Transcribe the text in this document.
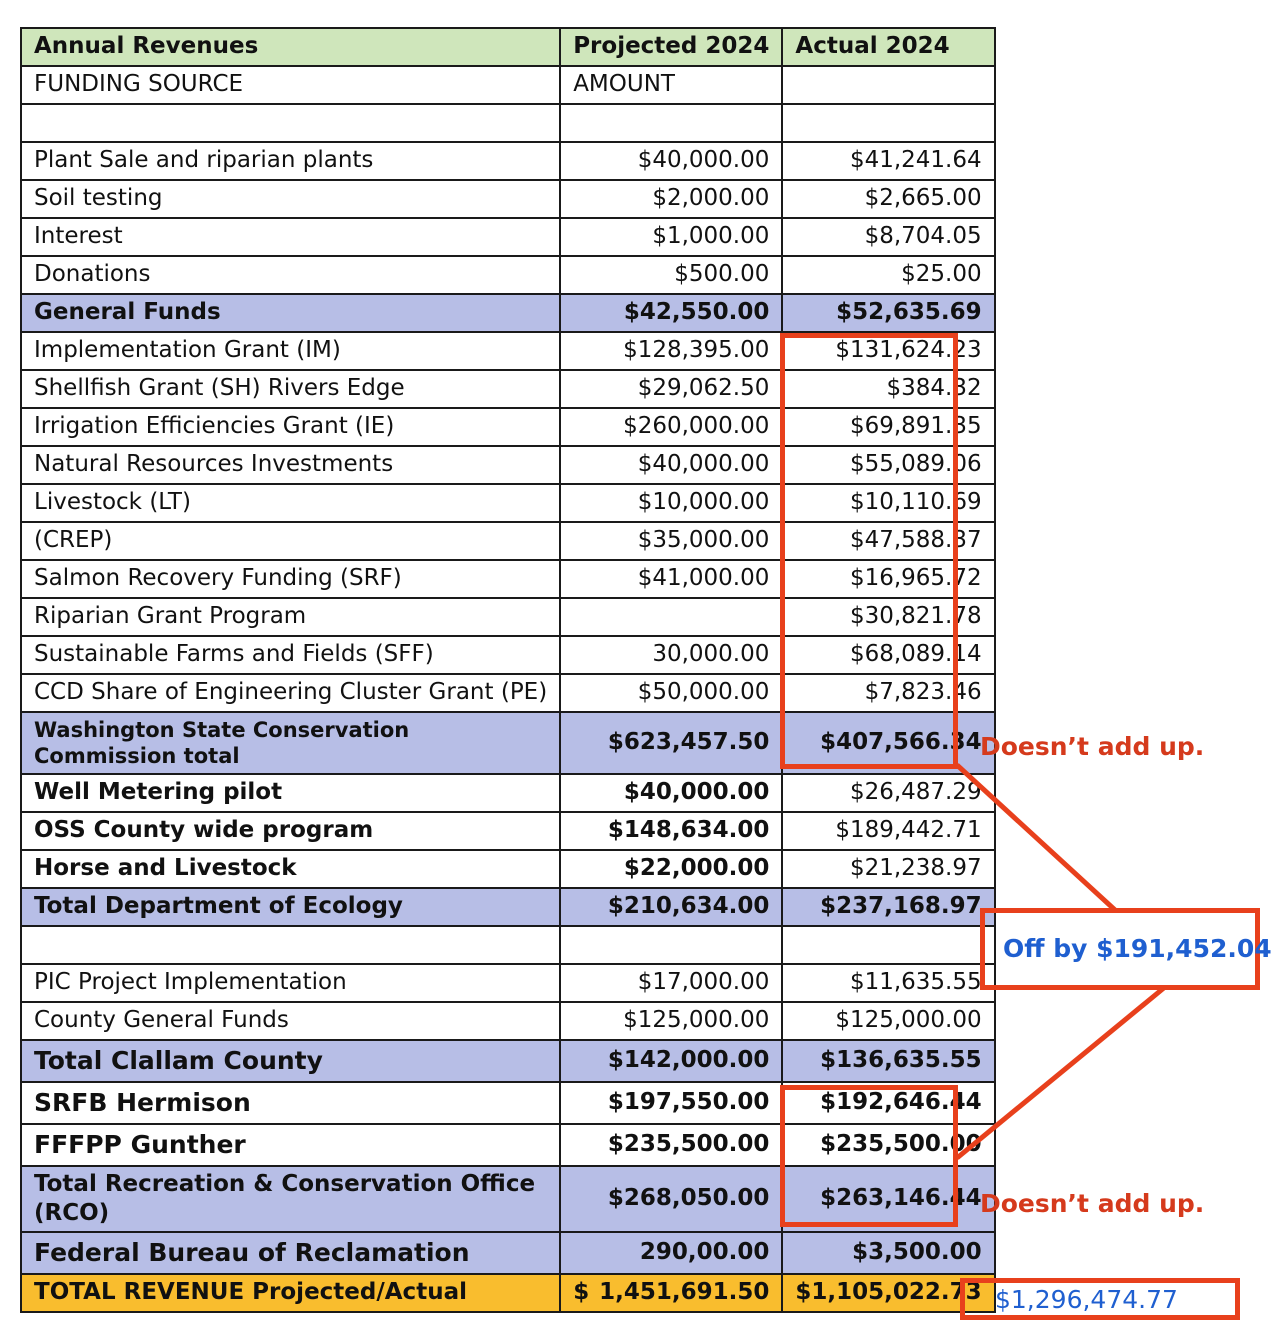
Annual Revenues	Projected 2024	Actual 2024
FUNDING SOURCE	AMOUNT	

Plant Sale and riparian plants	$40,000.00	$41,241.64
Soil testing	$2,000.00	$2,665.00
Interest	$1,000.00	$8,704.05
Donations	$500.00	$25.00
General Funds	$42,550.00	$52,635.69
Implementation Grant (IM)	$128,395.00	$131,624.23
Shellfish Grant (SH) Rivers Edge	$29,062.50	$384.32
Irrigation Efficiencies Grant (IE)	$260,000.00	$69,891.35
Natural Resources Investments	$40,000.00	$55,089.06
Livestock (LT)	$10,000.00	$10,110.69
(CREP)	$35,000.00	$47,588.37
Salmon Recovery Funding (SRF)	$41,000.00	$16,965.72
Riparian Grant Program		$30,821.78
Sustainable Farms and Fields (SFF)	30,000.00	$68,089.14
CCD Share of Engineering Cluster Grant (PE)	$50,000.00	$7,823.46
Washington State Conservation Commission total	$623,457.50	$407,566.34
Well Metering pilot	$40,000.00	$26,487.29
OSS County wide program	$148,634.00	$189,442.71
Horse and Livestock	$22,000.00	$21,238.97
Total Department of Ecology	$210,634.00	$237,168.97

PIC Project Implementation	$17,000.00	$11,635.55
County General Funds	$125,000.00	$125,000.00
Total Clallam County	$142,000.00	$136,635.55
SRFB Hermison	$197,550.00	$192,646.44
FFFPP Gunther	$235,500.00	$235,500.00
Total Recreation & Conservation Office (RCO)	$268,050.00	$263,146.44
Federal Bureau of Reclamation	290,00.00	$3,500.00
TOTAL REVENUE Projected/Actual	$ 1,451,691.50	$1,105,022.73
Doesn’t add up.
Doesn’t add up.
Off by $191,452.04
$1,296,474.77
